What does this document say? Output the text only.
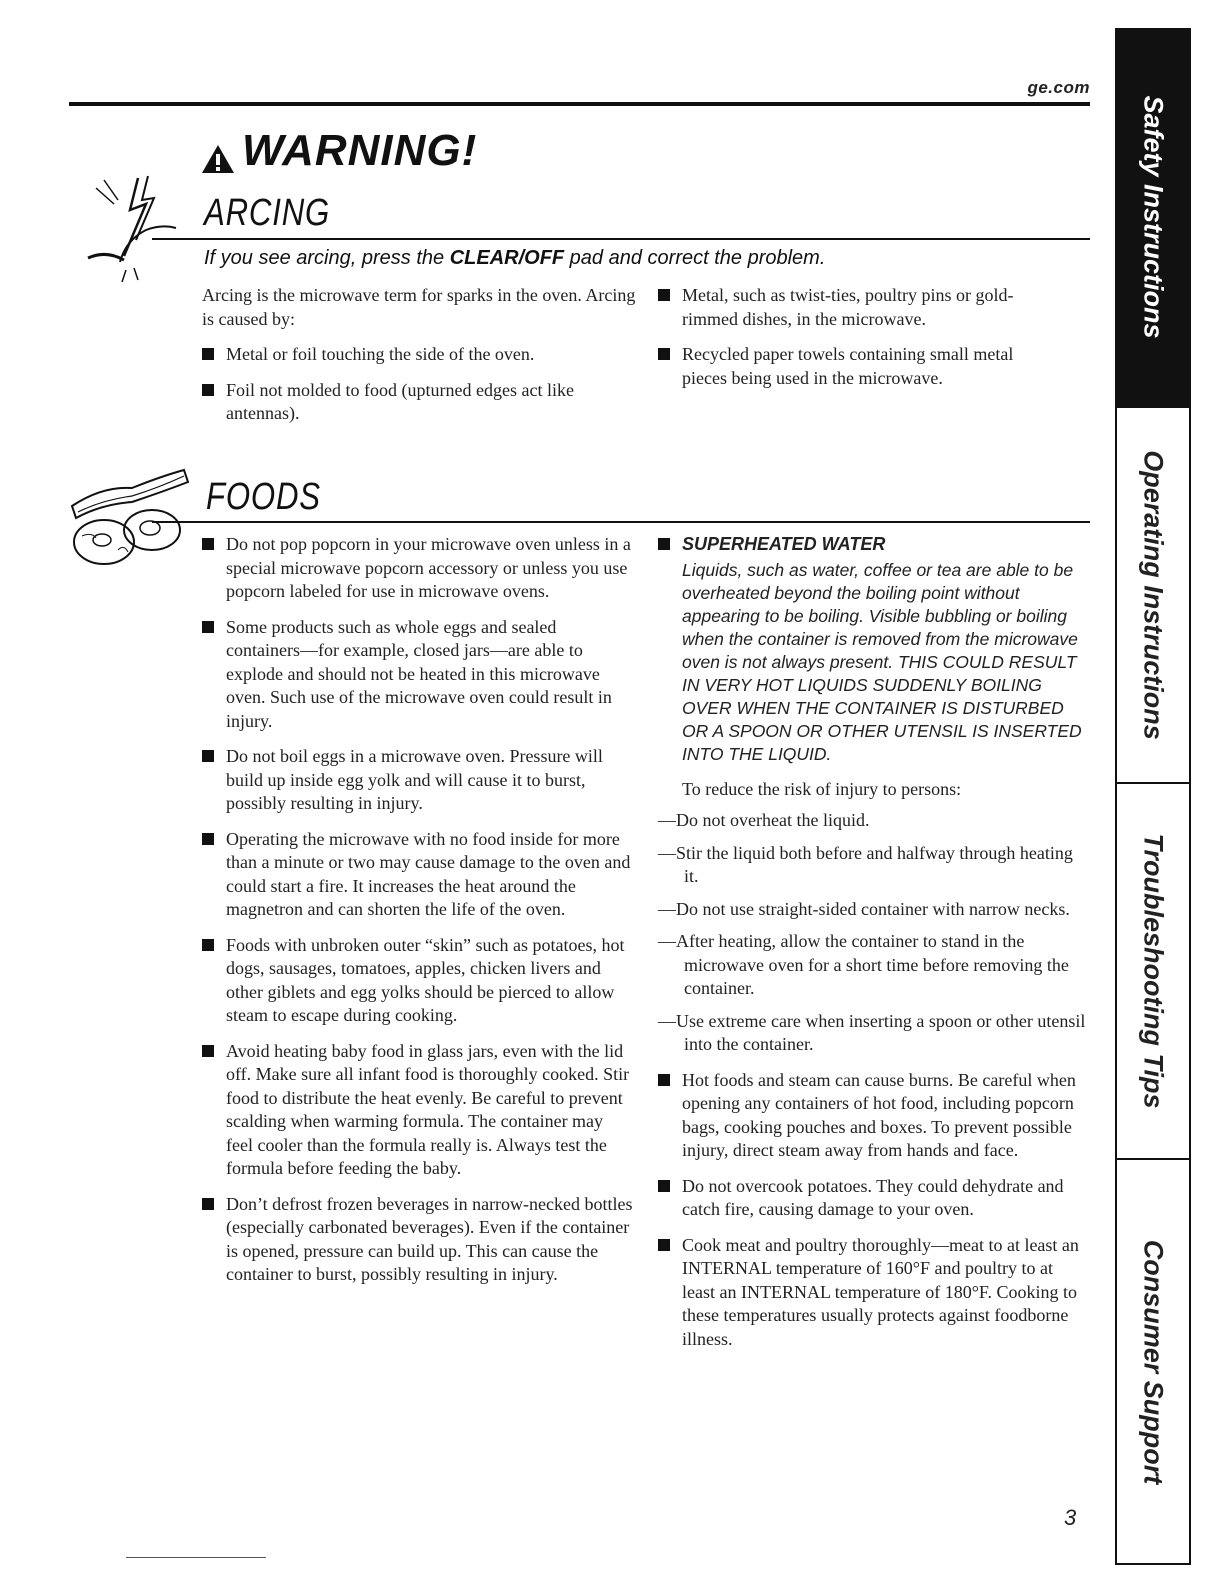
ge.com
WARNING!
ARCING
If you see arcing, press the CLEAR/OFF pad and correct the problem.

Arcing is the microwave term for sparks in the oven. Arcing is caused by:

Metal or foil touching the side of the oven.
Foil not molded to food (upturned edges act like antennas).
Metal, such as twist-ties, poultry pins or gold-rimmed dishes, in the microwave.
Recycled paper towels containing small metal pieces being used in the microwave.
FOODS
Do not pop popcorn in your microwave oven unless in a special microwave popcorn accessory or unless you use popcorn labeled for use in microwave ovens.
Some products such as whole eggs and sealed containers—for example, closed jars—are able to explode and should not be heated in this microwave oven. Such use of the microwave oven could result in injury.
Do not boil eggs in a microwave oven. Pressure will build up inside egg yolk and will cause it to burst, possibly resulting in injury.
Operating the microwave with no food inside for more than a minute or two may cause damage to the oven and could start a fire. It increases the heat around the magnetron and can shorten the life of the oven.
Foods with unbroken outer “skin” such as potatoes, hot dogs, sausages, tomatoes, apples, chicken livers and other giblets and egg yolks should be pierced to allow steam to escape during cooking.
Avoid heating baby food in glass jars, even with the lid off. Make sure all infant food is thoroughly cooked. Stir food to distribute the heat evenly. Be careful to prevent scalding when warming formula. The container may feel cooler than the formula really is. Always test the formula before feeding the baby.
Don’t defrost frozen beverages in narrow-necked bottles (especially carbonated beverages). Even if the container is opened, pressure can build up. This can cause the container to burst, possibly resulting in injury.
SUPERHEATED WATER
Liquids, such as water, coffee or tea are able to be overheated beyond the boiling point without appearing to be boiling. Visible bubbling or boiling when the container is removed from the microwave oven is not always present. THIS COULD RESULT IN VERY HOT LIQUIDS SUDDENLY BOILING OVER WHEN THE CONTAINER IS DISTURBED OR A SPOON OR OTHER UTENSIL IS INSERTED INTO THE LIQUID.

To reduce the risk of injury to persons:

—Do not overheat the liquid.
—Stir the liquid both before and halfway through heating it.
—Do not use straight-sided container with narrow necks.
—After heating, allow the container to stand in the microwave oven for a short time before removing the container.
—Use extreme care when inserting a spoon or other utensil into the container.
Hot foods and steam can cause burns. Be careful when opening any containers of hot food, including popcorn bags, cooking pouches and boxes. To prevent possible injury, direct steam away from hands and face.
Do not overcook potatoes. They could dehydrate and catch fire, causing damage to your oven.
Cook meat and poultry thoroughly—meat to at least an INTERNAL temperature of 160°F and poultry to at least an INTERNAL temperature of 180°F. Cooking to these temperatures usually protects against foodborne illness.
Safety Instructions
Operating Instructions
Troubleshooting Tips
Consumer Support
3
